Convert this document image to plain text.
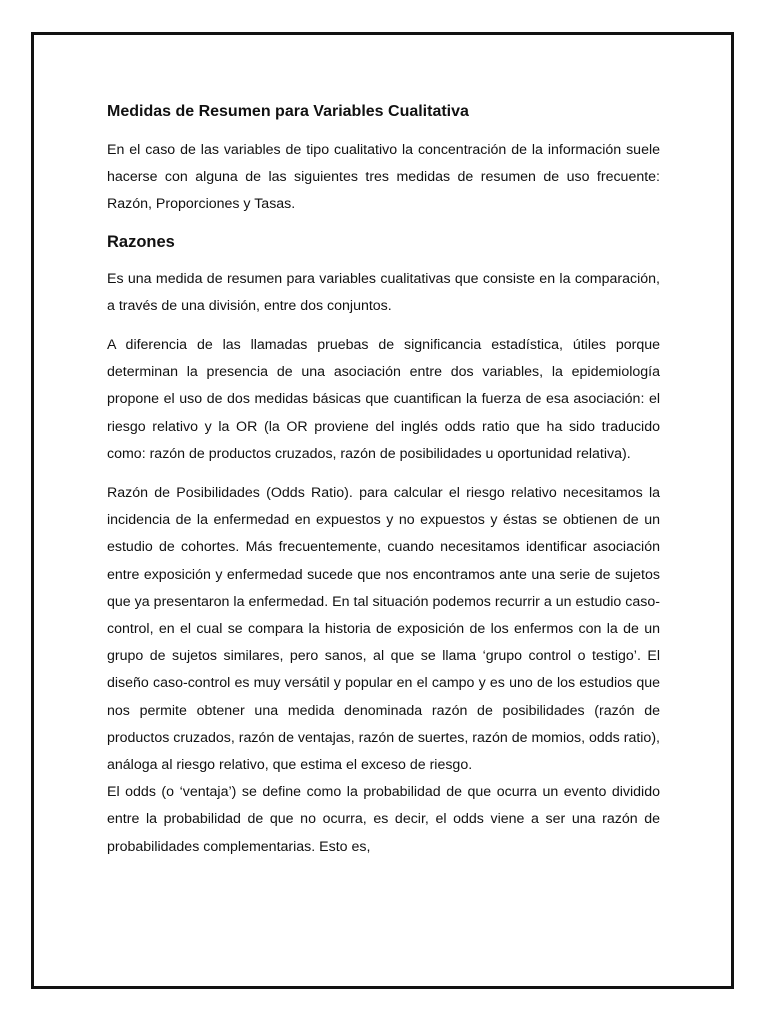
Medidas de Resumen para Variables Cualitativa

En el caso de las variables de tipo cualitativo la concentración de la información suele hacerse con alguna de las siguientes tres medidas de resumen de uso frecuente: Razón, Proporciones y Tasas.

Razones

Es una medida de resumen para variables cualitativas que consiste en la comparación, a través de una división, entre dos conjuntos.

A diferencia de las llamadas pruebas de significancia estadística, útiles porque determinan la presencia de una asociación entre dos variables, la epidemiología propone el uso de dos medidas básicas que cuantifican la fuerza de esa asociación: el riesgo relativo y la OR (la OR proviene del inglés odds ratio que ha sido traducido como: razón de productos cruzados, razón de posibilidades u oportunidad relativa).

Razón de Posibilidades (Odds Ratio). para calcular el riesgo relativo necesitamos la incidencia de la enfermedad en expuestos y no expuestos y éstas se obtienen de un estudio de cohortes. Más frecuentemente, cuando necesitamos identificar asociación entre exposición y enfermedad sucede que nos encontramos ante una serie de sujetos que ya presentaron la enfermedad. En tal situación podemos recurrir a un estudio caso-control, en el cual se compara la historia de exposición de los enfermos con la de un grupo de sujetos similares, pero sanos, al que se llama ‘grupo control o testigo’. El diseño caso-control es muy versátil y popular en el campo y es uno de los estudios que nos permite obtener una medida denominada razón de posibilidades (razón de productos cruzados, razón de ventajas, razón de suertes, razón de momios, odds ratio), análoga al riesgo relativo, que estima el exceso de riesgo.

El odds (o ‘ventaja’) se define como la probabilidad de que ocurra un evento dividido entre la probabilidad de que no ocurra, es decir, el odds viene a ser una razón de probabilidades complementarias. Esto es,
